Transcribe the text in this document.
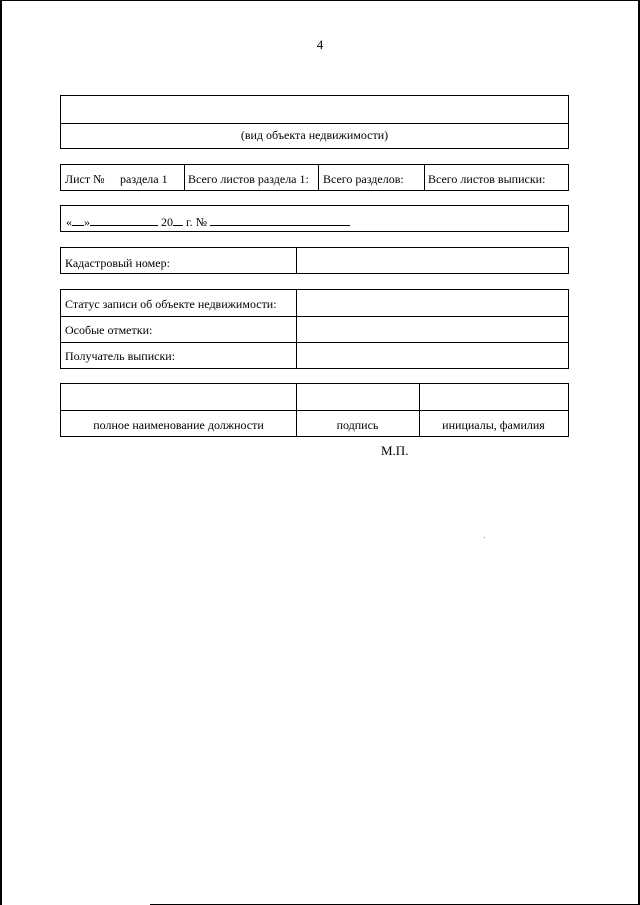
4
(вид объекта недвижимости)
Лист № раздела 1 Всего листов раздела 1: Всего разделов: Всего листов выписки:
« »	20 г. №
Кадастровый номер:
Статус записи об объекте недвижимости:
Особые отметки:
Получатель выписки:
полное наименование должности	подпись	инициалы, фамилия
М.П.
